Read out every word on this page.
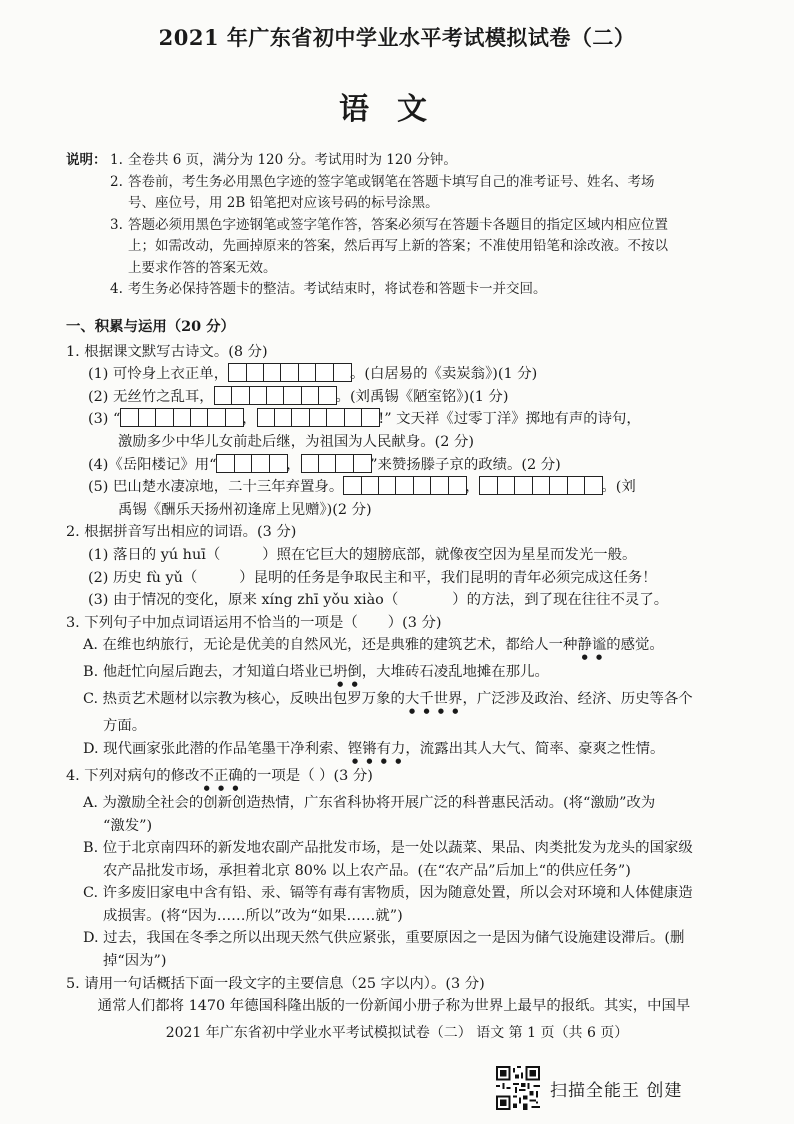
2021 年广东省初中学业水平考试模拟试卷（二）
语文
说明： 1. 全卷共 6 页，满分为 120 分。考试用时为 120 分钟。
2. 答卷前，考生务必用黑色字迹的签字笔或钢笔在答题卡填写自己的准考证号、姓名、考场
号、座位号，用 2B 铅笔把对应该号码的标号涂黑。
3. 答题必须用黑色字迹钢笔或签字笔作答，答案必须写在答题卡各题目的指定区域内相应位置
上；如需改动，先画掉原来的答案，然后再写上新的答案；不准使用铅笔和涂改液。不按以
上要求作答的答案无效。
4. 考生务必保持答题卡的整洁。考试结束时，将试卷和答题卡一并交回。
一、积累与运用（20 分）
1. 根据课文默写古诗文。(8 分)
(1) 可怜身上衣正单，	。(白居易的《卖炭翁》)(1 分)
(2) 无丝竹之乱耳，	。(刘禹锡《陋室铭》)(1 分)
(3) “	，	!” 文天祥《过零丁洋》掷地有声的诗句，
激励多少中华儿女前赴后继，为祖国为人民献身。(2 分)
(4)《岳阳楼记》用“	，	”来赞扬滕子京的政绩。(2 分)
(5) 巴山楚水凄凉地，二十三年弃置身。	，	。(刘
禹锡《酬乐天扬州初逢席上见赠》)(2 分)
2. 根据拼音写出相应的词语。(3 分)
(1) 落日的 yú huī（	）照在它巨大的翅膀底部，就像夜空因为星星而发光一般。
(2) 历史 fù yǔ（	）昆明的任务是争取民主和平，我们昆明的青年必须完成这任务！
(3) 由于情况的变化，原来 xíng zhī yǒu xiào（	）的方法，到了现在往往不灵了。
3. 下列句子中加点词语运用不恰当的一项是（ ）(3 分)
A. 在维也纳旅行，无论是优美的自然风光，还是典雅的建筑艺术，都给人一种静谧的感觉。
B. 他赶忙向屋后跑去，才知道白塔业已坍倒，大堆砖石凌乱地摊在那儿。
C. 热贡艺术题材以宗教为核心，反映出包罗万象的大千世界，广泛涉及政治、经济、历史等各个
方面。
D. 现代画家张此潜的作品笔墨干净利索、铿锵有力，流露出其人大气、简率、豪爽之性情。
4. 下列对病句的修改不正确的一项是（ ）(3 分)
A. 为激励全社会的创新创造热情，广东省科协将开展广泛的科普惠民活动。(将“激励”改为
“激发”)
B. 位于北京南四环的新发地农副产品批发市场，是一处以蔬菜、果品、肉类批发为龙头的国家级
农产品批发市场，承担着北京 80% 以上农产品。(在“农产品”后加上“的供应任务”)
C. 许多废旧家电中含有铅、汞、镉等有毒有害物质，因为随意处置，所以会对环境和人体健康造
成损害。(将“因为……所以”改为“如果……就”)
D. 过去，我国在冬季之所以出现天然气供应紧张，重要原因之一是因为储气设施建设滞后。(删
掉“因为”)
5. 请用一句话概括下面一段文字的主要信息（25 字以内）。(3 分)
通常人们都将 1470 年德国科隆出版的一份新闻小册子称为世界上最早的报纸。其实，中国早
2021 年广东省初中学业水平考试模拟试卷（二） 语文 第 1 页（共 6 页）
扫描全能王 创建
